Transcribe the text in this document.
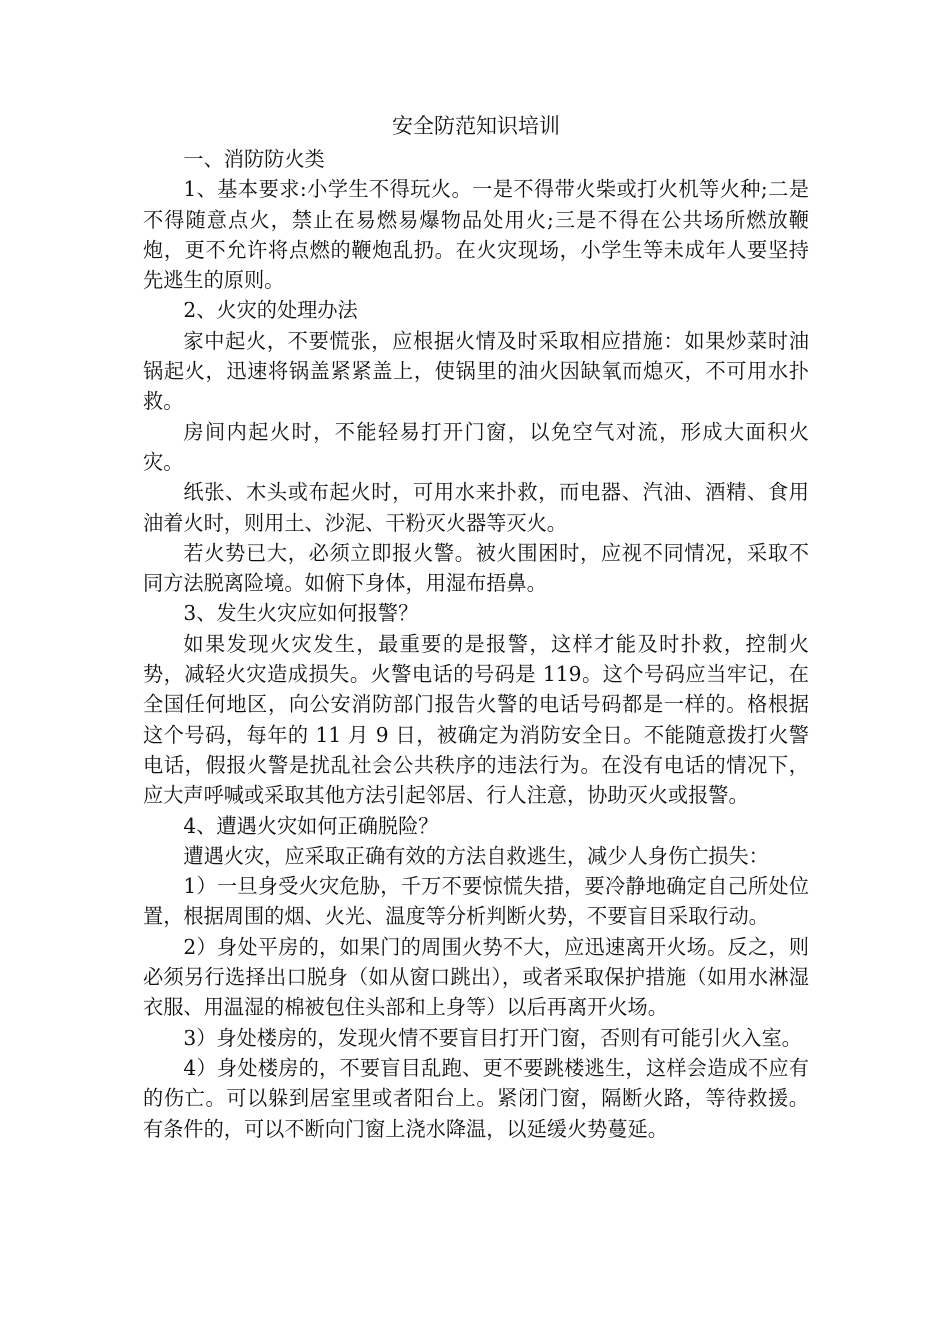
安全防范知识培训

一、消防防火类

1、基本要求:小学生不得玩火。一是不得带火柴或打火机等火种;二是不得随意点火，禁止在易燃易爆物品处用火;三是不得在公共场所燃放鞭炮，更不允许将点燃的鞭炮乱扔。在火灾现场，小学生等未成年人要坚持先逃生的原则。

2、火灾的处理办法

家中起火，不要慌张，应根据火情及时采取相应措施：如果炒菜时油锅起火，迅速将锅盖紧紧盖上，使锅里的油火因缺氧而熄灭，不可用水扑救。

房间内起火时，不能轻易打开门窗，以免空气对流，形成大面积火灾。

纸张、木头或布起火时，可用水来扑救，而电器、汽油、酒精、食用油着火时，则用土、沙泥、干粉灭火器等灭火。

若火势已大，必须立即报火警。被火围困时，应视不同情况，采取不同方法脱离险境。如俯下身体，用湿布捂鼻。

3、发生火灾应如何报警？

如果发现火灾发生，最重要的是报警，这样才能及时扑救，控制火势，减轻火灾造成损失。火警电话的号码是 119。这个号码应当牢记，在全国任何地区，向公安消防部门报告火警的电话号码都是一样的。格根据这个号码，每年的 11 月 9 日，被确定为消防安全日。不能随意拨打火警电话，假报火警是扰乱社会公共秩序的违法行为。在没有电话的情况下，应大声呼喊或采取其他方法引起邻居、行人注意，协助灭火或报警。

4、遭遇火灾如何正确脱险？

遭遇火灾，应采取正确有效的方法自救逃生，减少人身伤亡损失：

1）一旦身受火灾危胁，千万不要惊慌失措，要冷静地确定自己所处位置，根据周围的烟、火光、温度等分析判断火势，不要盲目采取行动。

2）身处平房的，如果门的周围火势不大，应迅速离开火场。反之，则必须另行选择出口脱身（如从窗口跳出），或者采取保护措施（如用水淋湿衣服、用温湿的棉被包住头部和上身等）以后再离开火场。

3）身处楼房的，发现火情不要盲目打开门窗，否则有可能引火入室。

4）身处楼房的，不要盲目乱跑、更不要跳楼逃生，这样会造成不应有的伤亡。可以躲到居室里或者阳台上。紧闭门窗，隔断火路，等待救援。有条件的，可以不断向门窗上浇水降温，以延缓火势蔓延。
